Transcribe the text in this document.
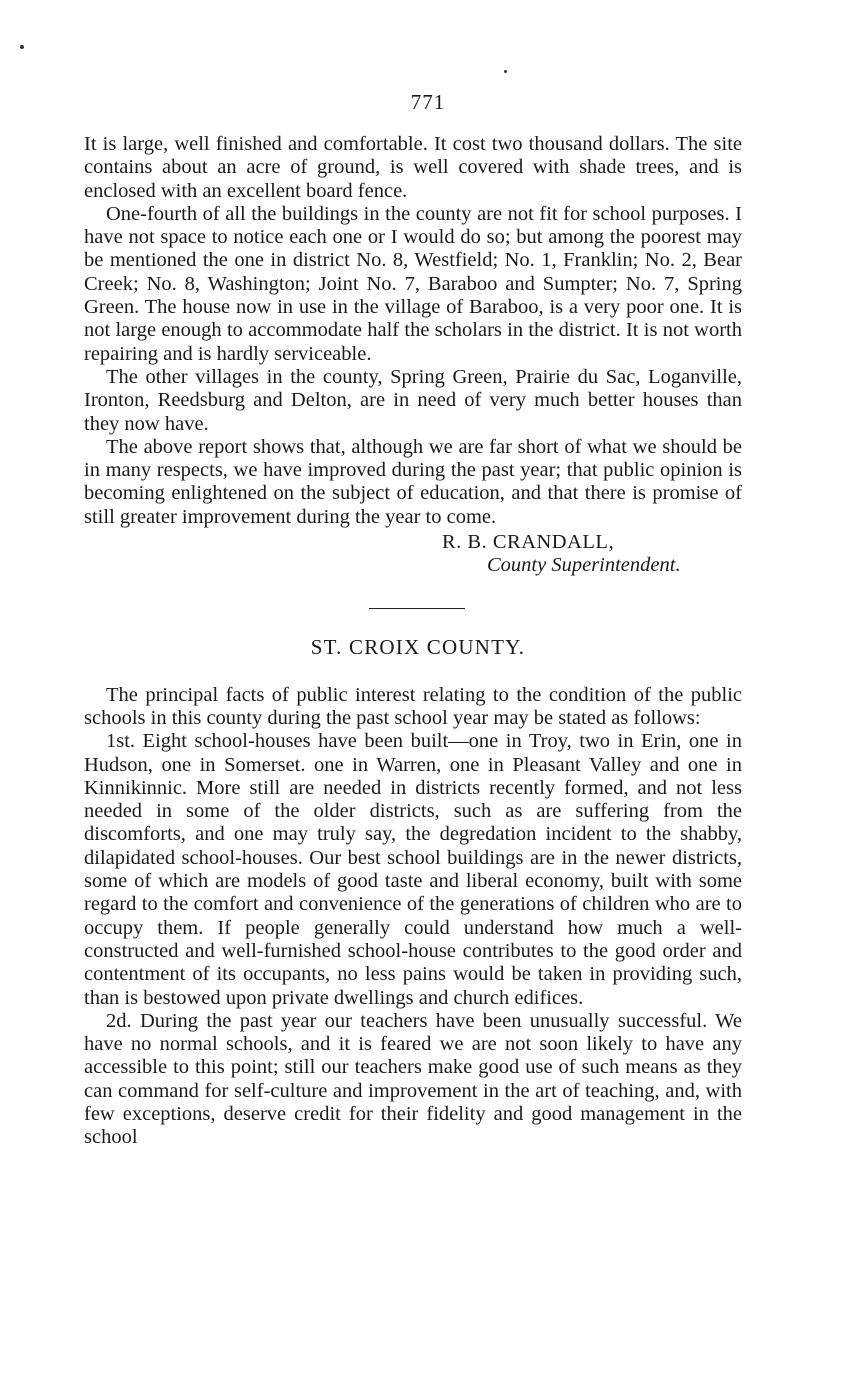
771

It is large, well finished and comfortable. It cost two thousand dollars. The site contains about an acre of ground, is well covered with shade trees, and is enclosed with an excellent board fence.

One-fourth of all the buildings in the county are not fit for school purposes. I have not space to notice each one or I would do so; but among the poorest may be mentioned the one in district No. 8, Westfield; No. 1, Franklin; No. 2, Bear Creek; No. 8, Washington; Joint No. 7, Baraboo and Sumpter; No. 7, Spring Green. The house now in use in the village of Baraboo, is a very poor one. It is not large enough to accommodate half the scholars in the district. It is not worth repairing and is hardly serviceable.

The other villages in the county, Spring Green, Prairie du Sac, Loganville, Ironton, Reedsburg and Delton, are in need of very much better houses than they now have.

The above report shows that, although we are far short of what we should be in many respects, we have improved during the past year; that public opinion is becoming enlightened on the subject of education, and that there is promise of still greater improvement during the year to come.

R. B. CRANDALL,
County Superintendent.
ST. CROIX COUNTY.

The principal facts of public interest relating to the condition of the public schools in this county during the past school year may be stated as follows:

1st. Eight school-houses have been built—one in Troy, two in Erin, one in Hudson, one in Somerset. one in Warren, one in Pleasant Valley and one in Kinnikinnic. More still are needed in districts recently formed, and not less needed in some of the older districts, such as are suffering from the discomforts, and one may truly say, the degredation incident to the shabby, dilapidated school-houses. Our best school buildings are in the newer districts, some of which are models of good taste and liberal economy, built with some regard to the comfort and convenience of the generations of children who are to occupy them. If people generally could understand how much a well-constructed and well-furnished school-house contributes to the good order and contentment of its occupants, no less pains would be taken in providing such, than is bestowed upon private dwellings and church edifices.

2d. During the past year our teachers have been unusually successful. We have no normal schools, and it is feared we are not soon likely to have any accessible to this point; still our teachers make good use of such means as they can command for self-culture and improvement in the art of teaching, and, with few exceptions, deserve credit for their fidelity and good management in the school
